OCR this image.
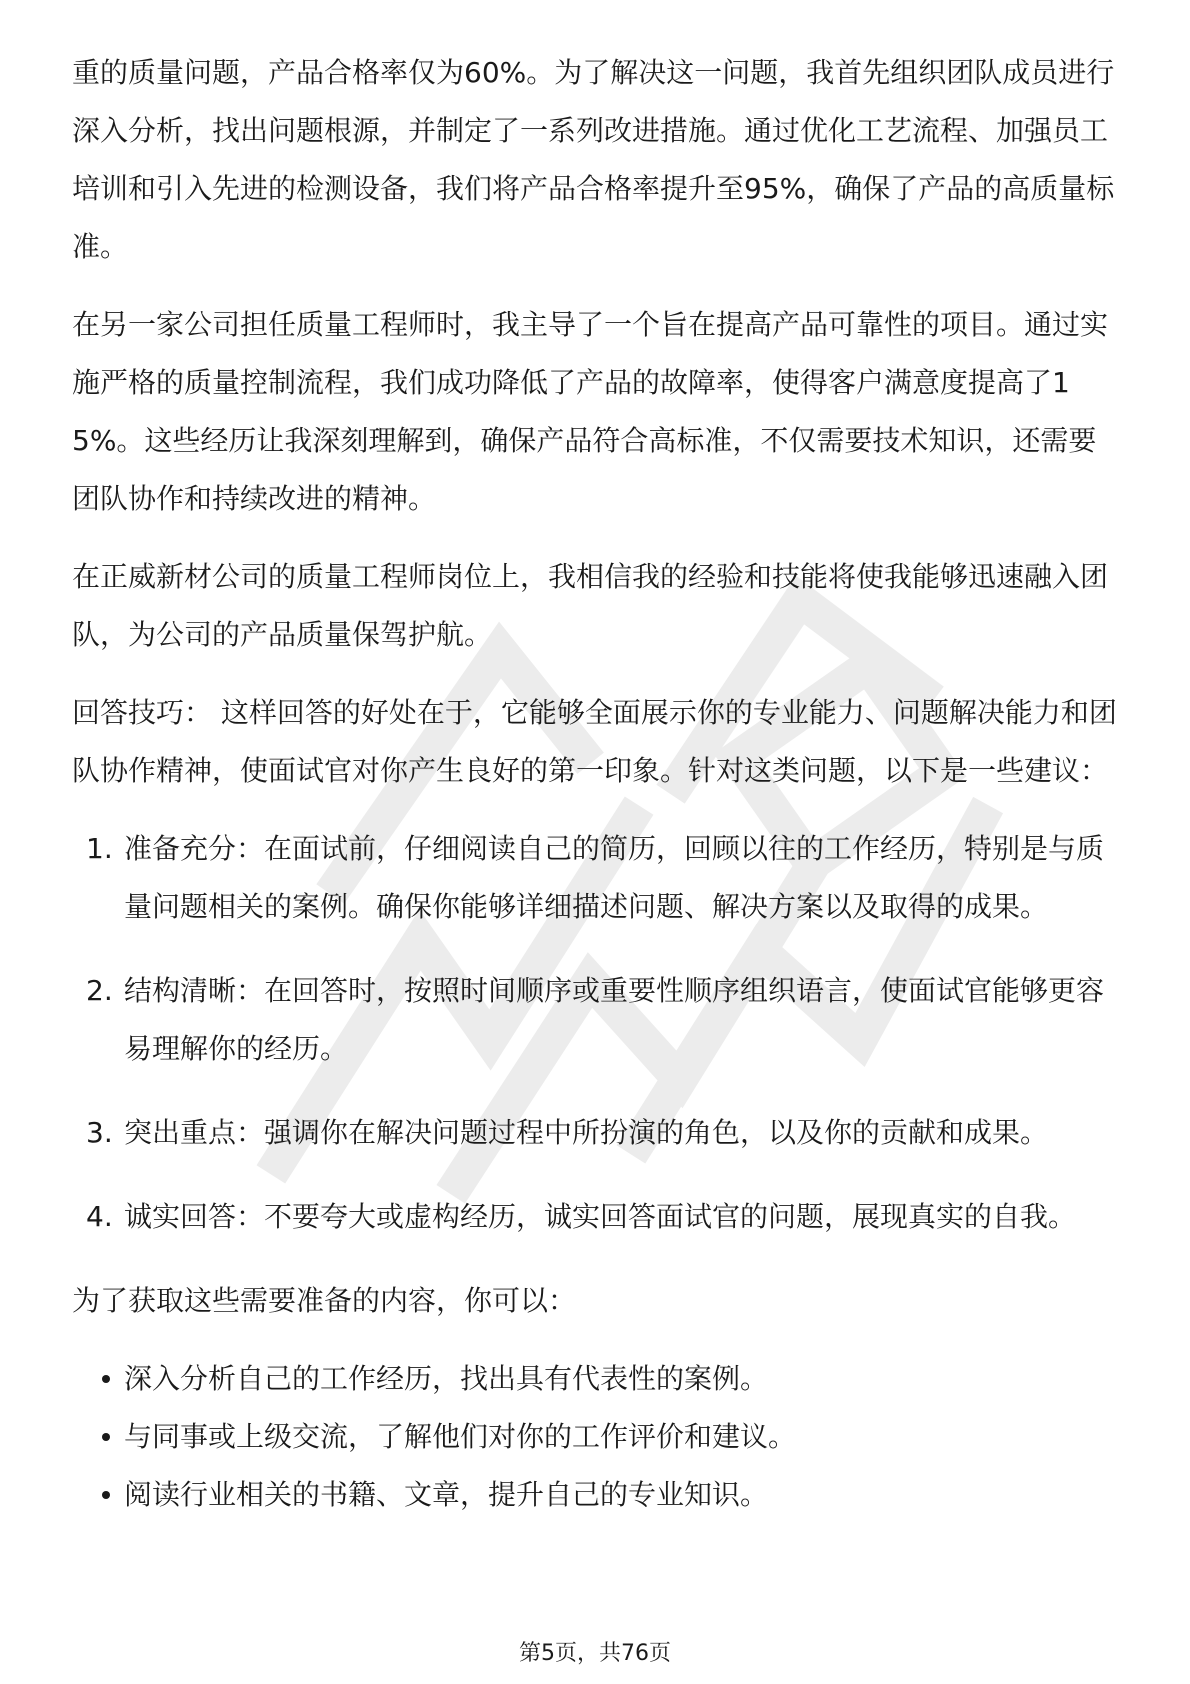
重的质量问题，产品合格率仅为60%。为了解决这一问题，我首先组织团队成员进行深入分析，找出问题根源，并制定了一系列改进措施。通过优化工艺流程、加强员工培训和引入先进的检测设备，我们将产品合格率提升至95%，确保了产品的高质量标准。

在另一家公司担任质量工程师时，我主导了一个旨在提高产品可靠性的项目。通过实施严格的质量控制流程，我们成功降低了产品的故障率，使得客户满意度提高了15%。这些经历让我深刻理解到，确保产品符合高标准，不仅需要技术知识，还需要团队协作和持续改进的精神。

在正威新材公司的质量工程师岗位上，我相信我的经验和技能将使我能够迅速融入团队，为公司的产品质量保驾护航。

回答技巧： 这样回答的好处在于，它能够全面展示你的专业能力、问题解决能力和团队协作精神，使面试官对你产生良好的第一印象。针对这类问题，以下是一些建议：

1. 准备充分：在面试前，仔细阅读自己的简历，回顾以往的工作经历，特别是与质量问题相关的案例。确保你能够详细描述问题、解决方案以及取得的成果。
2. 结构清晰：在回答时，按照时间顺序或重要性顺序组织语言，使面试官能够更容易理解你的经历。
3. 突出重点：强调你在解决问题过程中所扮演的角色，以及你的贡献和成果。
4. 诚实回答：不要夸大或虚构经历，诚实回答面试官的问题，展现真实的自我。

为了获取这些需要准备的内容，你可以：

深入分析自己的工作经历，找出具有代表性的案例。
与同事或上级交流，了解他们对你的工作评价和建议。
阅读行业相关的书籍、文章，提升自己的专业知识。
第5页，共76页
